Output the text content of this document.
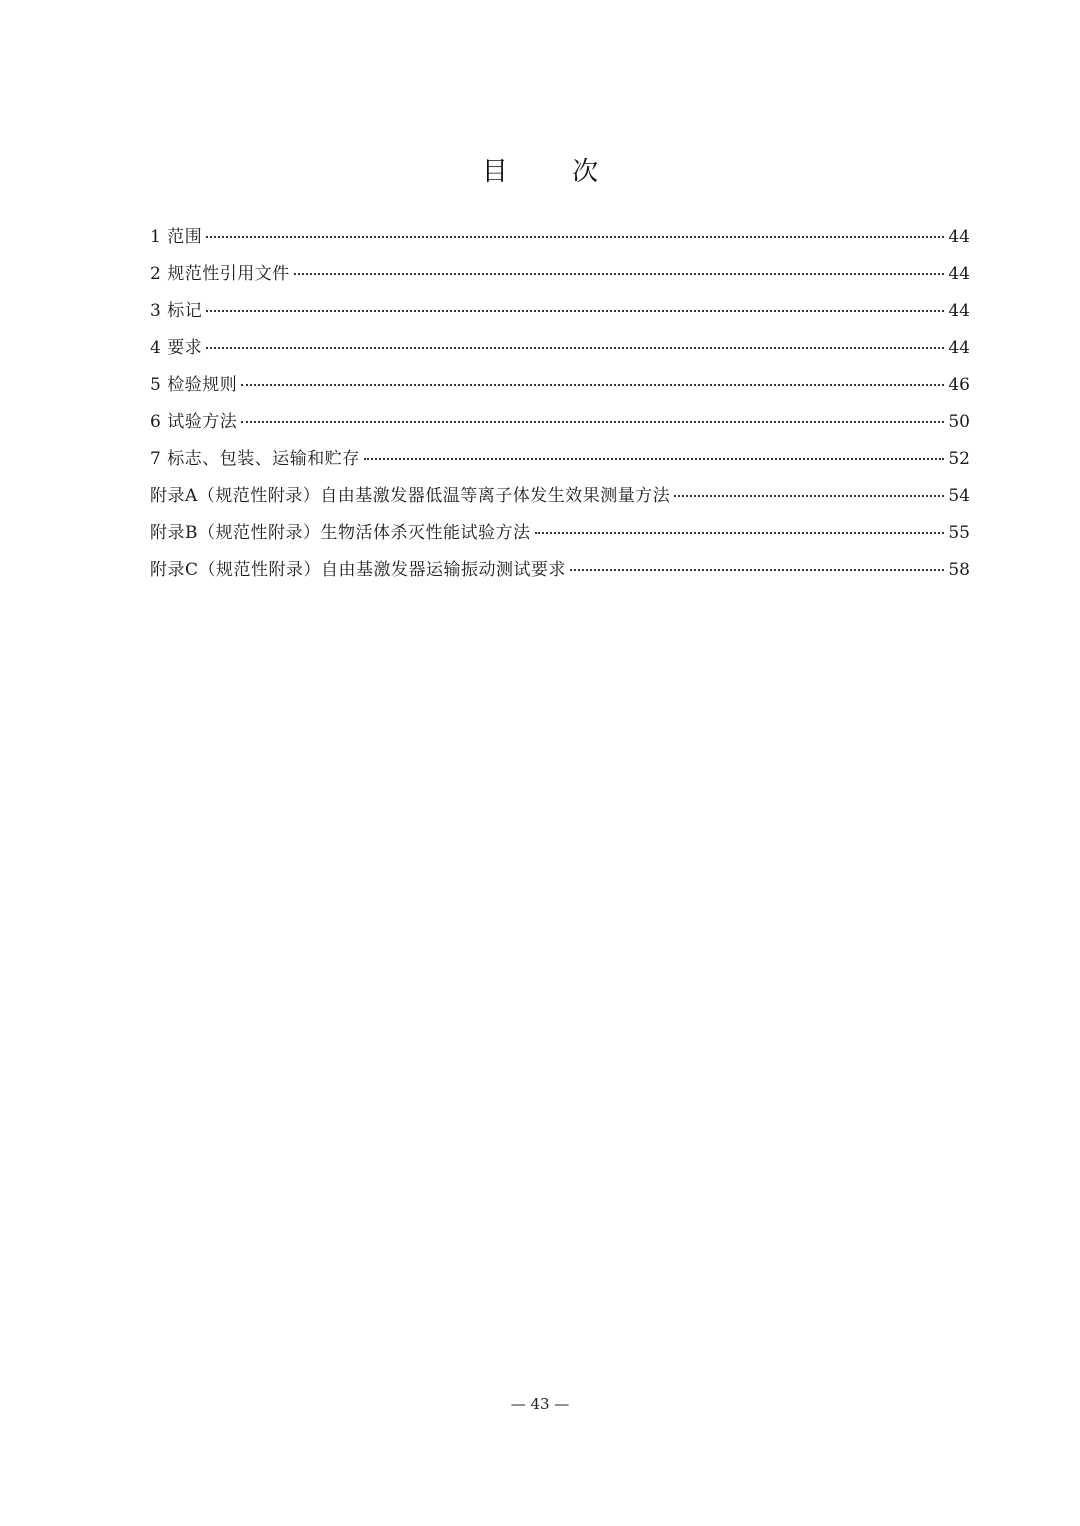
目 次
1 范围	44
2 规范性引用文件	44
3 标记	44
4 要求	44
5 检验规则	46
6 试验方法	50
7 标志、包装、运输和贮存	52
附录A（规范性附录）自由基激发器低温等离子体发生效果测量方法	54
附录B（规范性附录）生物活体杀灭性能试验方法	55
附录C（规范性附录）自由基激发器运输振动测试要求	58
— 43 —
